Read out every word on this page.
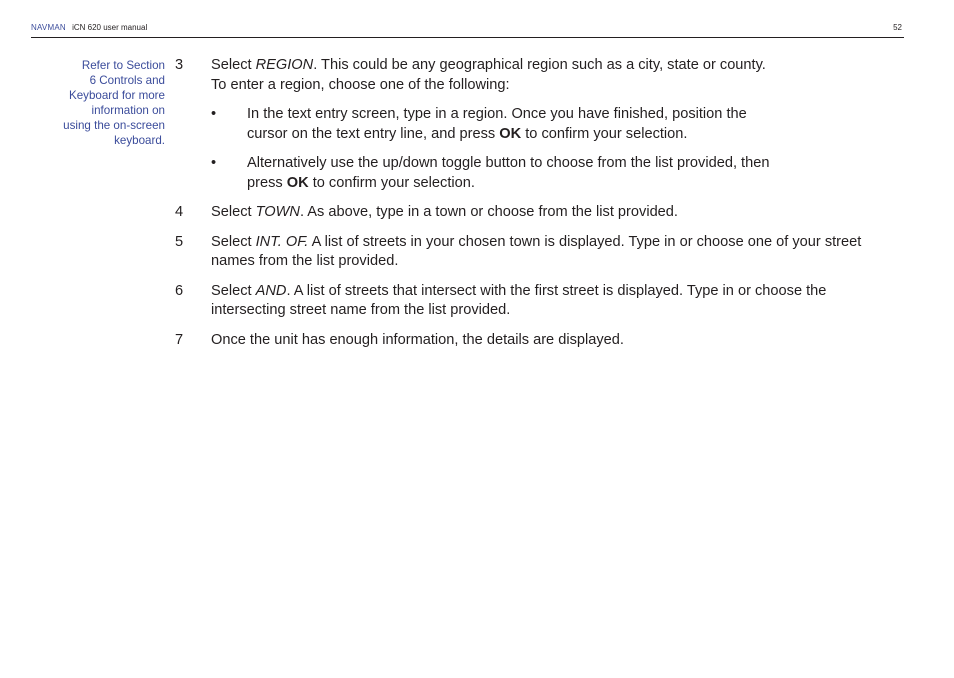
NAVMAN iCN 620 user manual	52
Refer to Section
6 Controls and
Keyboard for more
information on
using the on-screen
keyboard.
3 Select REGION. This could be any geographical region such as a city, state or county.
To enter a region, choose one of the following:
• In the text entry screen, type in a region. Once you have finished, position the
cursor on the text entry line, and press OK to confirm your selection.
• Alternatively use the up/down toggle button to choose from the list provided, then
press OK to confirm your selection.
4 Select TOWN. As above, type in a town or choose from the list provided.
5 Select INT. OF. A list of streets in your chosen town is displayed. Type in or choose one of your street
names from the list provided.
6 Select AND. A list of streets that intersect with the first street is displayed. Type in or choose the
intersecting street name from the list provided.
7 Once the unit has enough information, the details are displayed.
